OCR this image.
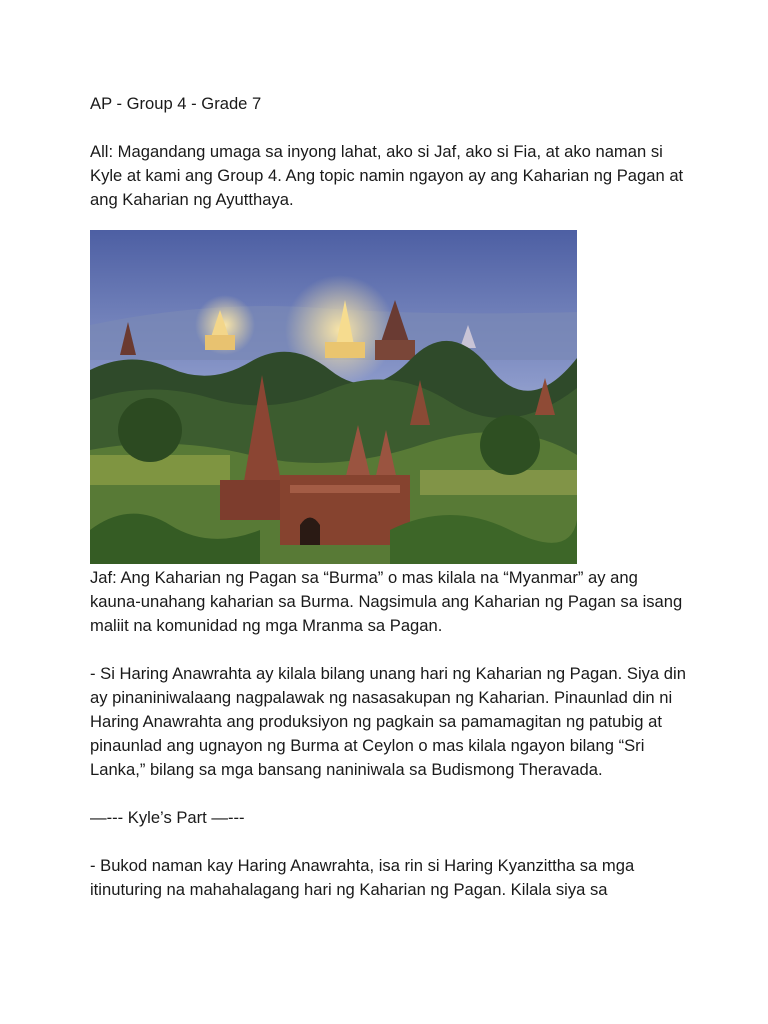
AP - Group 4 - Grade 7

All: Magandang umaga sa inyong lahat, ako si Jaf, ako si Fia, at ako naman si Kyle at kami ang Group 4. Ang topic namin ngayon ay ang Kaharian ng Pagan at ang Kaharian ng Ayutthaya.

Jaf: Ang Kaharian ng Pagan sa “Burma” o mas kilala na “Myanmar” ay ang kauna-unahang kaharian sa Burma. Nagsimula ang Kaharian ng Pagan sa isang maliit na komunidad ng mga Mranma sa Pagan.

- Si Haring Anawrahta ay kilala bilang unang hari ng Kaharian ng Pagan. Siya din ay pinaniniwalaang nagpalawak ng nasasakupan ng Kaharian. Pinaunlad din ni Haring Anawrahta ang produksiyon ng pagkain sa pamamagitan ng patubig at pinaunlad ang ugnayon ng Burma at Ceylon o mas kilala ngayon bilang “Sri Lanka,” bilang sa mga bansang naniniwala sa Budismong Theravada.

—--- Kyle’s Part —---

- Bukod naman kay Haring Anawrahta, isa rin si Haring Kyanzittha sa mga itinuturing na mahahalagang hari ng Kaharian ng Pagan. Kilala siya sa
